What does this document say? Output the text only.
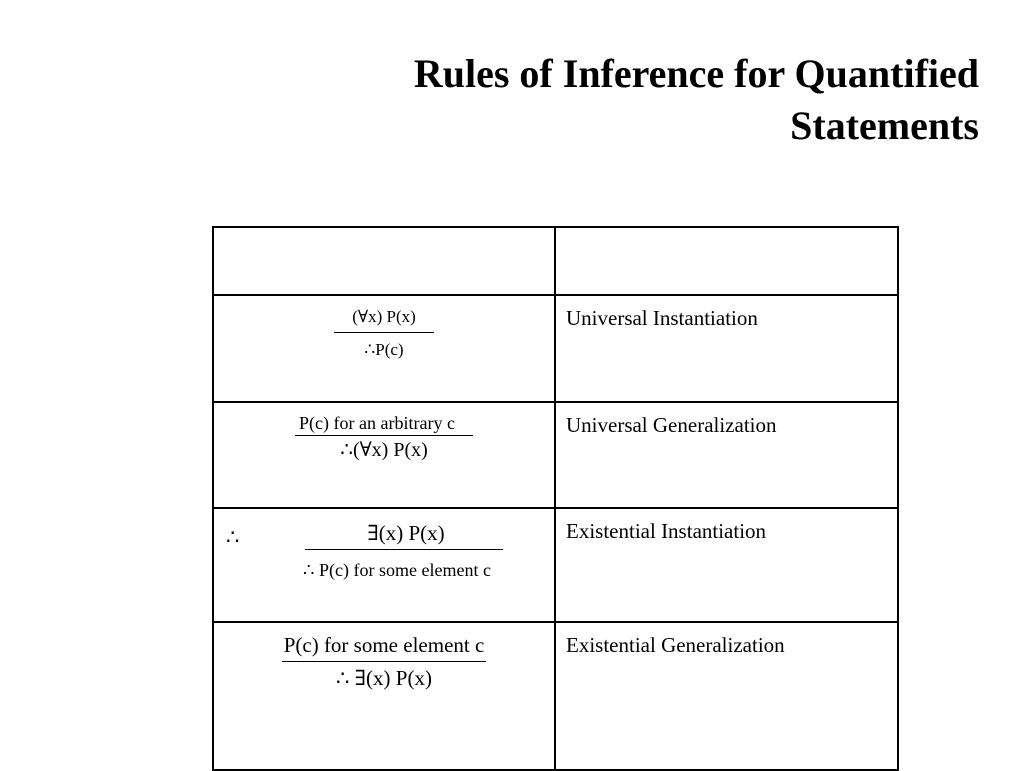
Rules of Inference for Quantified
Statements

(∀x) P(x)
∴P(c)	Universal Instantiation

P(c) for an arbitrary c
∴(∀x) P(x)	Universal Generalization

∴ ∃(x) P(x)
∴ P(c) for some element c	Existential Instantiation

P(c) for some element c
∴ ∃(x) P(x)	Existential Generalization
